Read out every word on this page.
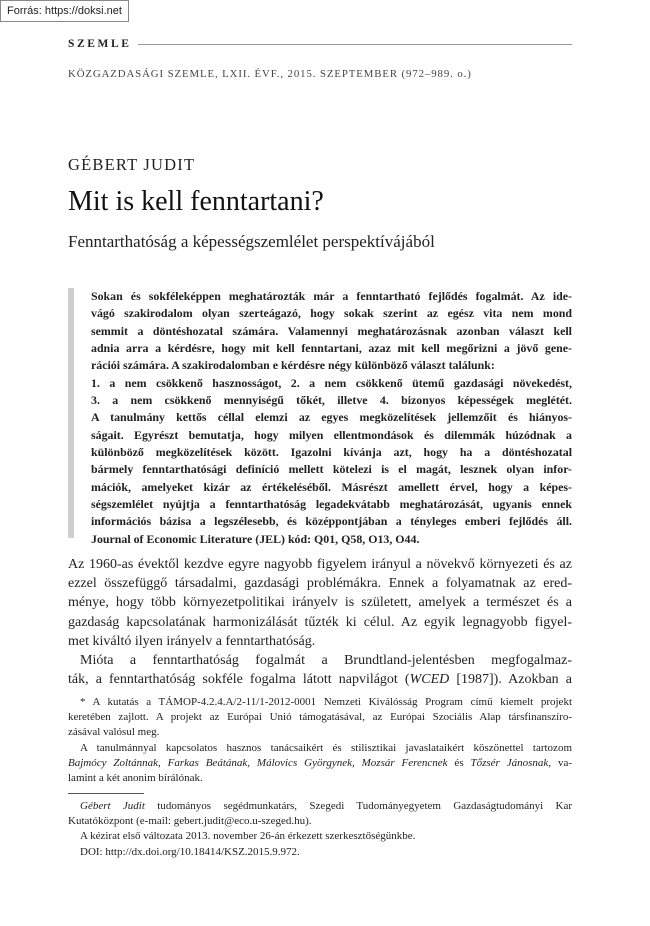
Forrás: https://doksi.net
SZEMLE
KÖZGAZDASÁGI SZEMLE, LXII. ÉVF., 2015. SZEPTEMBER (972–989. o.)
GÉBERT JUDIT
Mit is kell fenntartani?
Fenntarthatóság a képességszemlélet perspektívájából
Sokan és sokféleképpen meghatározták már a fenntartható fejlődés fogalmát. Az ide-
vágó szakirodalom olyan szerteágazó, hogy sokak szerint az egész vita nem mond
semmit a döntéshozatal számára. Valamennyi meghatározásnak azonban választ kell
adnia arra a kérdésre, hogy mit kell fenntartani, azaz mit kell megőrizni a jövő gene-
rációi számára. A szakirodalomban e kérdésre négy különböző választ találunk:
1. a nem csökkenő hasznosságot, 2. a nem csökkenő ütemű gazdasági növekedést,
3. a nem csökkenő mennyiségű tőkét, illetve 4. bizonyos képességek meglétét.
A tanulmány kettős céllal elemzi az egyes megközelítések jellemzőit és hiányos-
ságait. Egyrészt bemutatja, hogy milyen ellentmondások és dilemmák húzódnak a
különböző megközelítések között. Igazolni kívánja azt, hogy ha a döntéshozatal
bármely fenntarthatósági definíció mellett kötelezi is el magát, lesznek olyan infor-
mációk, amelyeket kizár az értékeléséből. Másrészt amellett érvel, hogy a képes-
ségszemlélet nyújtja a fenntarthatóság legadekvátabb meghatározását, ugyanis ennek
információs bázisa a legszélesebb, és középpontjában a tényleges emberi fejlődés áll.
Journal of Economic Literature (JEL) kód: Q01, Q58, O13, O44.
Az 1960-as évektől kezdve egyre nagyobb figyelem irányul a növekvő környezeti és az
ezzel összefüggő társadalmi, gazdasági problémákra. Ennek a folyamatnak az ered-
ménye, hogy több környezetpolitikai irányelv is született, amelyek a természet és a
gazdaság kapcsolatának harmonizálását tűzték ki célul. Az egyik legnagyobb figyel-
met kiváltó ilyen irányelv a fenntarthatóság.
Mióta a fenntarthatóság fogalmát a Brundtland-jelentésben megfogalmaz-
ták, a fenntarthatóság sokféle fogalma látott napvilágot (WCED [1987]). Azokban a
* A kutatás a TÁMOP-4.2.4.A/2-11/1-2012-0001 Nemzeti Kiválósság Program című kiemelt projekt
keretében zajlott. A projekt az Európai Unió támogatásával, az Európai Szociális Alap társfinanszíro-
zásával valósul meg.
A tanulmánnyal kapcsolatos hasznos tanácsaikért és stilisztikai javaslataikért köszönettel tartozom
Bajmócy Zoltánnak, Farkas Beátának, Málovics Györgynek, Mozsár Ferencnek és Tőzsér Jánosnak, va-
lamint a két anonim bírálónak.
Gébert Judit tudományos segédmunkatárs, Szegedi Tudományegyetem Gazdaságtudományi Kar
Kutatóközpont (e-mail: gebert.judit@eco.u-szeged.hu).
A kézirat első változata 2013. november 26-án érkezett szerkesztőségünkbe.
DOI: http://dx.doi.org/10.18414/KSZ.2015.9.972.
